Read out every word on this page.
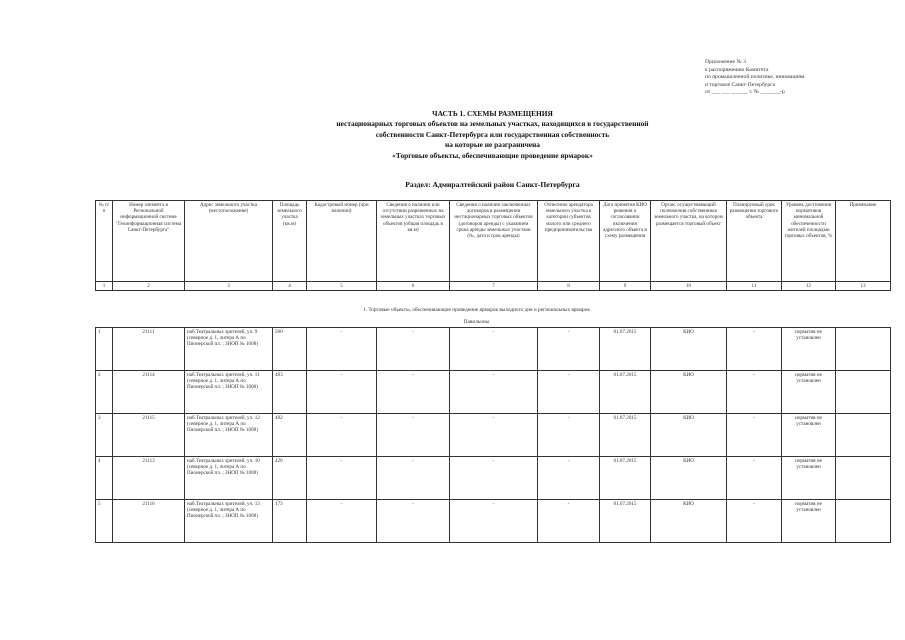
Приложение № 3
к распоряжению Комитета
по промышленной политике, инновациям
и торговле Санкт-Петербурга
от ___ ___ ______ г. № _______-р
ЧАСТЬ 1. СХЕМЫ РАЗМЕЩЕНИЯ
нестационарных торговых объектов на земельных участках, находящихся в государственной
собственности Санкт-Петербурга или государственная собственность
на которые не разграничена
«Торговые объекты, обеспечивающие проведение ярмарок»
Раздел: Адмиралтейский район Санкт-Петербурга
№ п/п	Номер элемента в Региональной информационной системе "Геоинформационная система Санкт-Петербурга"	Адрес земельного участка (местоположение)	Площадь земельного участка (кв.м)	Кадастровый номер (при наличии)	Сведения о наличии или отсутствии разрешенных на земельных участках торговых объектов (общая площадь в кв.м)	Сведения о наличии заключенных договоров в размещении нестационарных торговых объектов (договоров аренды) с указанием срока аренды земельных участков (№, дата и срок аренды)	Отнесение арендатора земельного участка к категории субъектов малого или среднего предпринимательства	Дата принятия КИО решения о согласовании включения адресного объекта в схему размещения	Орган, осуществляющий полномочия собственника земельного участка, на котором размещается торговый объект	Планируемый срок размещения торгового объекта	Уровень достижения нормативов минимальной обеспеченности жителей площадью торговых объектов, %	Примечание
1	2	3	4	5	6	7	8	9	10	11	12	13
1. Торговые объекты, обеспечивающие проведение ярмарок выходного дня и региональных ярмарок
Павильоны
1	21111	наб.Театральных зрителей, уч. 9 (северное д. 1, литера А по Пионерской пл. ; ЗНОП № 1008)	500	-	-	-	-	01.07.2015	КИО	-	норматив не установлен	
2	21114	наб.Театральных зрителей, уч. 11 (северное д. 1, литера А по Пионерской пл. ; ЗНОП № 1008)	483	-	-	-	-	01.07.2015	КИО	-	норматив не установлен	
3	21115	наб.Театральных зрителей, уч. 12 (северное д. 1, литера А по Пионерской пл. ; ЗНОП № 1008)	482	-	-	-	-	01.07.2015	КИО	-	норматив не установлен	
4	21113	наб.Театральных зрителей, уч. 10 (северное д. 1, литера А по Пионерской пл. ; ЗНОП № 1008)	426	-	-	-	-	01.07.2015	КИО	-	норматив не установлен	
5	21116	наб.Театральных зрителей, уч. 13 (северное д. 1, литера А по Пионерской пл. ; ЗНОП № 1008)	173	-	-	-	-	01.07.2015	КИО	-	норматив не установлен	
